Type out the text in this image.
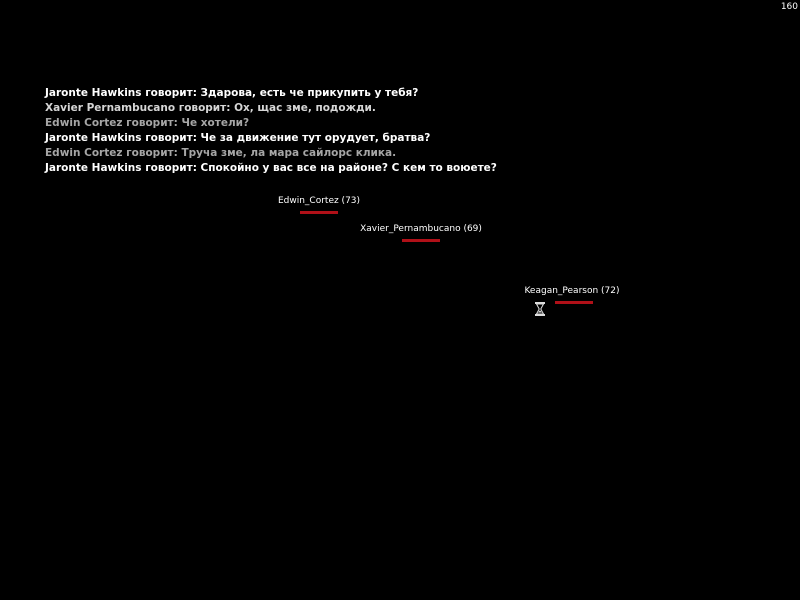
160
Jaronte Hawkins говорит: Здарова, есть че прикупить у тебя?
Xavier Pernambucano говорит: Ох, щас зме, подожди.
Edwin Cortez говорит: Че хотели?
Jaronte Hawkins говорит: Че за движение тут орудует, братва?
Edwin Cortez говорит: Труча зме, ла мара сайлорс клика.
Jaronte Hawkins говорит: Спокойно у вас все на районе? С кем то воюете?
Edwin_Cortez (73)
Xavier_Pernambucano (69)
Keagan_Pearson (72)
